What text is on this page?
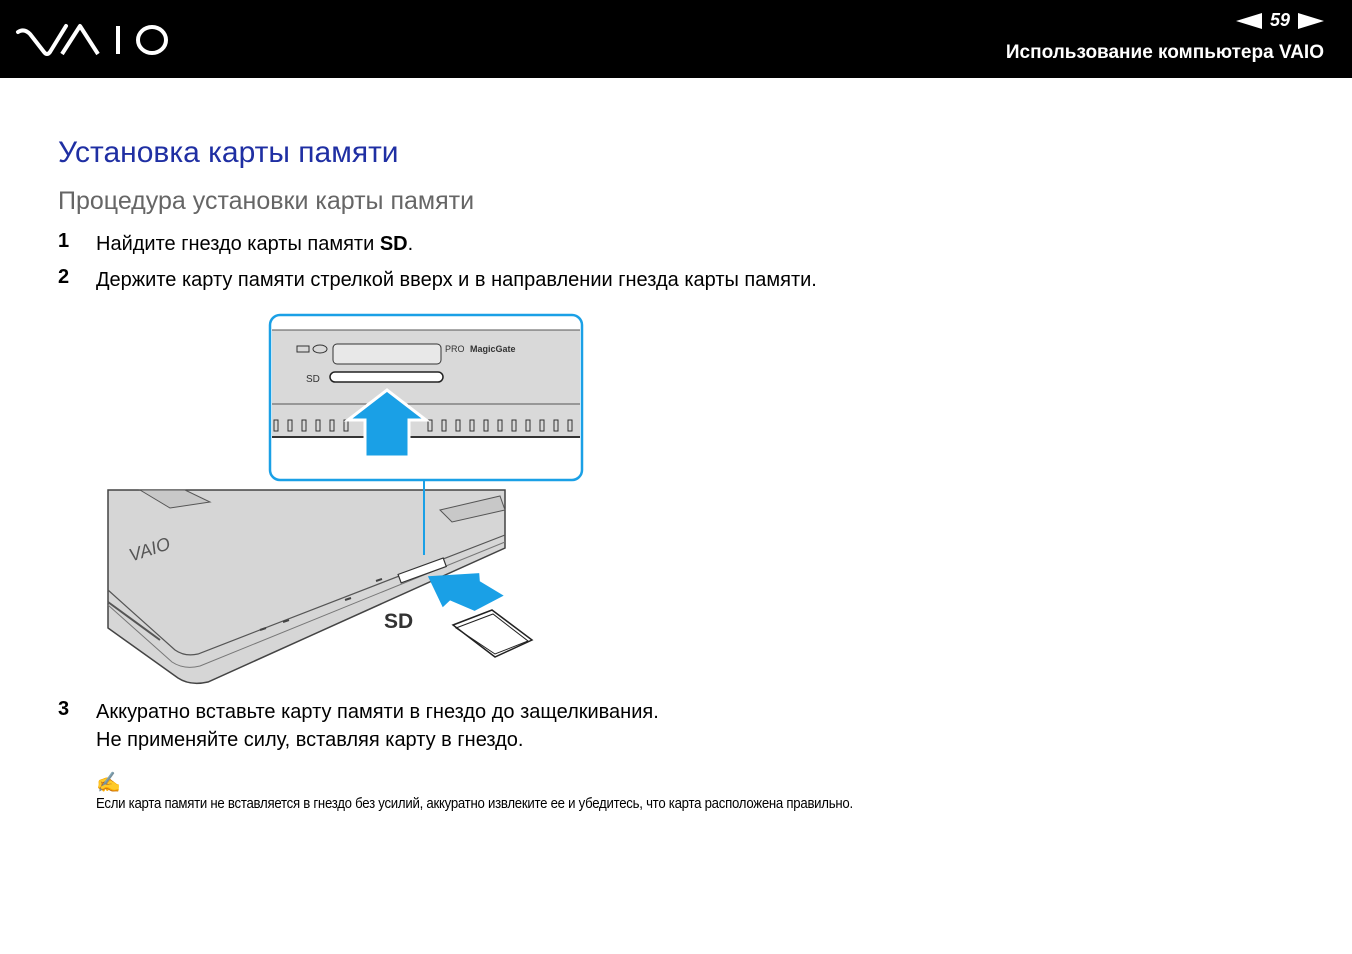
59
Использование компьютера VAIO
Установка карты памяти
Процедура установки карты памяти
1 Найдите гнездо карты памяти SD.
2 Держите карту памяти стрелкой вверх и в направлении гнезда карты памяти.
VAIO
SD
PRO MagicGate
SD
3 Аккуратно вставьте карту памяти в гнездо до защелкивания.
Не применяйте силу, вставляя карту в гнездо.
✍
Если карта памяти не вставляется в гнездо без усилий, аккуратно извлеките ее и убедитесь, что карта расположена правильно.
